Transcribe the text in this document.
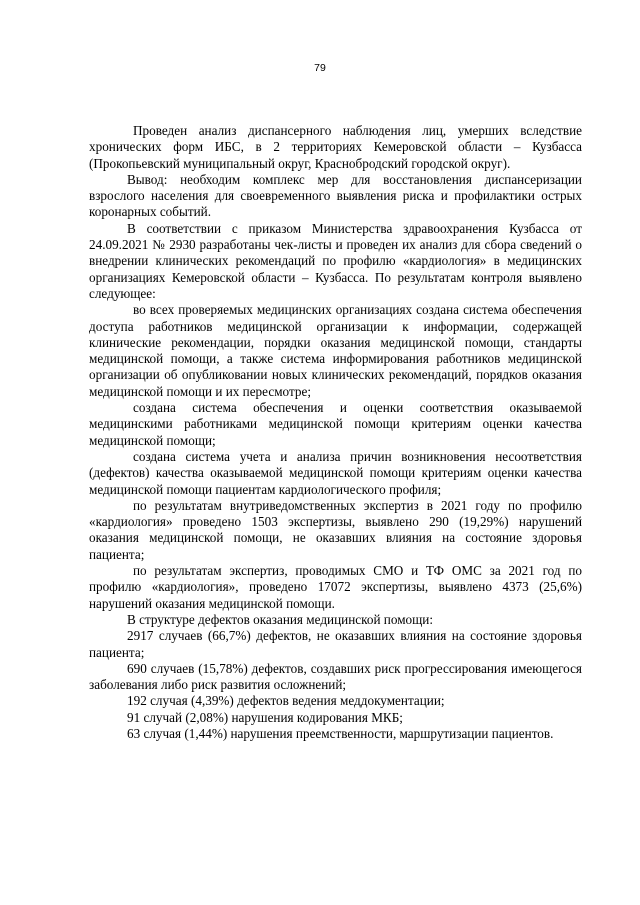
79

Проведен анализ диспансерного наблюдения лиц, умерших вследствие хронических форм ИБС, в 2 территориях Кемеровской области – Кузбасса (Прокопьевский муниципальный округ, Краснобродский городской округ).

Вывод: необходим комплекс мер для восстановления диспансеризации взрослого населения для своевременного выявления риска и профилактики острых коронарных событий.

В соответствии с приказом Министерства здравоохранения Кузбасса от 24.09.2021 № 2930 разработаны чек-листы и проведен их анализ для сбора сведений о внедрении клинических рекомендаций по профилю «кардиология» в медицинских организациях Кемеровской области – Кузбасса. По результатам контроля выявлено следующее:

во всех проверяемых медицинских организациях создана система обеспечения доступа работников медицинской организации к информации, содержащей клинические рекомендации, порядки оказания медицинской помощи, стандарты медицинской помощи, а также система информирования работников медицинской организации об опубликовании новых клинических рекомендаций, порядков оказания медицинской помощи и их пересмотре;

создана система обеспечения и оценки соответствия оказываемой медицинскими работниками медицинской помощи критериям оценки качества медицинской помощи;

создана система учета и анализа причин возникновения несоответствия (дефектов) качества оказываемой медицинской помощи критериям оценки качества медицинской помощи пациентам кардиологического профиля;

по результатам внутриведомственных экспертиз в 2021 году по профилю «кардиология» проведено 1503 экспертизы, выявлено 290 (19,29%) нарушений оказания медицинской помощи, не оказавших влияния на состояние здоровья пациента;

по результатам экспертиз, проводимых СМО и ТФ ОМС за 2021 год по профилю «кардиология», проведено 17072 экспертизы, выявлено 4373 (25,6%) нарушений оказания медицинской помощи.

В структуре дефектов оказания медицинской помощи:

2917 случаев (66,7%) дефектов, не оказавших влияния на состояние здоровья пациента;

690 случаев (15,78%) дефектов, создавших риск прогрессирования имеющегося заболевания либо риск развития осложнений;

192 случая (4,39%) дефектов ведения меддокументации;

91 случай (2,08%) нарушения кодирования МКБ;

63 случая (1,44%) нарушения преемственности, маршрутизации пациентов.
